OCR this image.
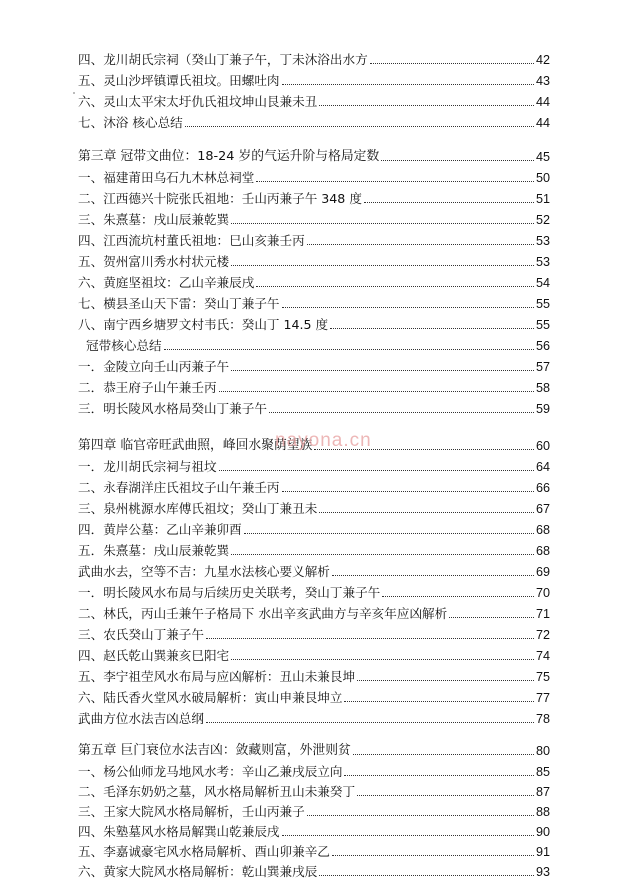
四、龙川胡氏宗祠（癸山丁兼子午，丁未沐浴出水方	42
五、灵山沙坪镇谭氏祖坟。田螺吐肉	43
六、灵山太平宋太圩仇氏祖坟坤山艮兼未丑	44
七、沐浴 核心总结	44
第三章 冠带文曲位：18-24 岁的气运升阶与格局定数	45
一、福建莆田乌石九木林总祠堂	50
二、江西德兴十院张氏祖地：壬山丙兼子午 348 度	51
三、朱熹墓：戌山辰兼乾巽	52
四、江西流坑村董氏祖地：巳山亥兼壬丙	53
五、贺州富川秀水村状元楼	53
六、黄庭坚祖坟：乙山辛兼辰戌	54
七、横县圣山天下雷：癸山丁兼子午	55
八、南宁西乡塘罗文村韦氏：癸山丁 14.5 度	55
冠带核心总结	56
一．金陵立向壬山丙兼子午	57
二．恭王府子山午兼壬丙	58
三．明长陵风水格局癸山丁兼子午	59
第四章 临官帝旺武曲照，峰回水聚荫望族	60
一．龙川胡氏宗祠与祖坟	64
二、永春湖洋庄氏祖坟子山午兼壬丙	66
三、泉州桃源水库傅氏祖坟；癸山丁兼丑未	67
四．黄岸公墓：乙山辛兼卯酉	68
五．朱熹墓：戌山辰兼乾巽	68
武曲水去，空等不吉：九星水法核心要义解析	69
一．明长陵风水布局与后续历史关联考，癸山丁兼子午	70
二、林氏，丙山壬兼午子格局下 水出辛亥武曲方与辛亥年应凶解析	71
三、农氏癸山丁兼子午	72
四、赵氏乾山巽兼亥巳阳宅	74
五、李宁祖茔风水布局与应凶解析：丑山未兼艮坤	75
六、陆氏香火堂风水破局解析：寅山申兼艮坤立	77
武曲方位水法吉凶总纲	78
第五章 巨门衰位水法吉凶：敛藏则富，外泄则贫	80
一、杨公仙师龙马地风水考：辛山乙兼戌辰立向	85
二、毛泽东奶奶之墓，风水格局解析丑山未兼癸丁	87
三、王家大院风水格局解析，壬山丙兼子	88
四、朱塾墓风水格局解巽山乾兼辰戌	90
五、李嘉诚豪宅风水格局解析、酉山卯兼辛乙	91
六、黄家大院风水格局解析：乾山巽兼戌辰	93
nayona.cn
